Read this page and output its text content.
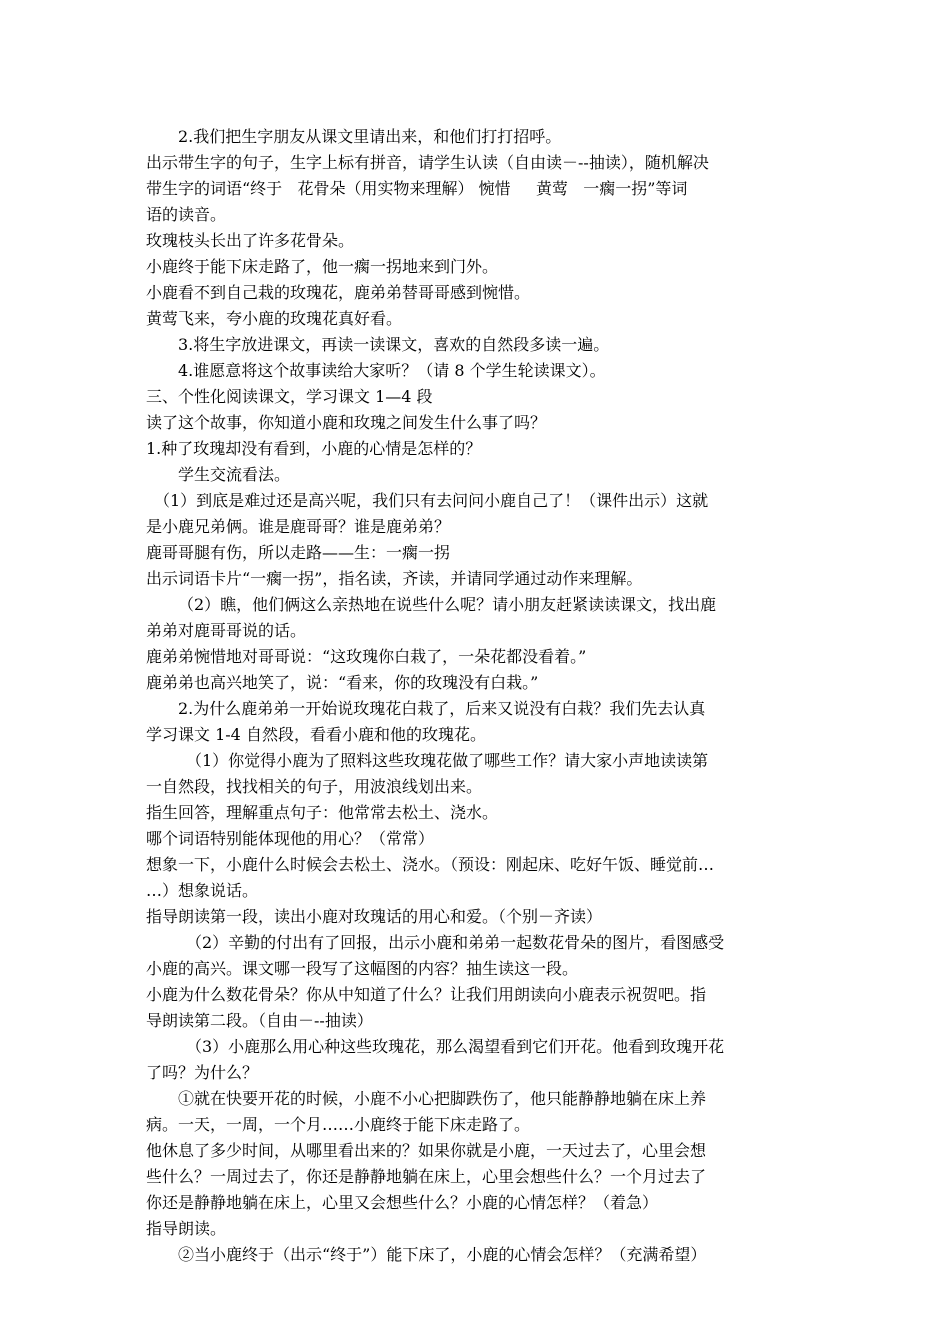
2.我们把生字朋友从课文里请出来，和他们打打招呼。
出示带生字的句子，生字上标有拼音，请学生认读（自由读－--抽读），随机解决
带生字的词语“终于   花骨朵（用实物来理解） 惋惜     黄莺   一瘸一拐”等词
语的读音。
玫瑰枝头长出了许多花骨朵。
小鹿终于能下床走路了，他一瘸一拐地来到门外。
小鹿看不到自己栽的玫瑰花，鹿弟弟替哥哥感到惋惜。
黄莺飞来，夸小鹿的玫瑰花真好看。
3.将生字放进课文，再读一读课文，喜欢的自然段多读一遍。
4.谁愿意将这个故事读给大家听？（请 8 个学生轮读课文）。
三、个性化阅读课文，学习课文 1—4 段
读了这个故事，你知道小鹿和玫瑰之间发生什么事了吗？
1.种了玫瑰却没有看到，小鹿的心情是怎样的？
学生交流看法。
（1）到底是难过还是高兴呢，我们只有去问问小鹿自己了！（课件出示）这就
是小鹿兄弟俩。谁是鹿哥哥？谁是鹿弟弟？
鹿哥哥腿有伤，所以走路——生：一瘸一拐
出示词语卡片“一瘸一拐”，指名读，齐读，并请同学通过动作来理解。
（2）瞧，他们俩这么亲热地在说些什么呢？请小朋友赶紧读读课文，找出鹿
弟弟对鹿哥哥说的话。
鹿弟弟惋惜地对哥哥说：“这玫瑰你白栽了，一朵花都没看着。”
鹿弟弟也高兴地笑了，说：“看来，你的玫瑰没有白栽。”
2.为什么鹿弟弟一开始说玫瑰花白栽了，后来又说没有白栽？我们先去认真
学习课文 1-4 自然段，看看小鹿和他的玫瑰花。
（1）你觉得小鹿为了照料这些玫瑰花做了哪些工作？请大家小声地读读第
一自然段，找找相关的句子，用波浪线划出来。
指生回答，理解重点句子：他常常去松土、浇水。
哪个词语特别能体现他的用心？（常常）
想象一下，小鹿什么时候会去松土、浇水。（预设：刚起床、吃好午饭、睡觉前…
…）想象说话。
指导朗读第一段，读出小鹿对玫瑰话的用心和爱。（个别－齐读）
（2）辛勤的付出有了回报，出示小鹿和弟弟一起数花骨朵的图片，看图感受
小鹿的高兴。课文哪一段写了这幅图的内容？抽生读这一段。
小鹿为什么数花骨朵？你从中知道了什么？让我们用朗读向小鹿表示祝贺吧。指
导朗读第二段。（自由－--抽读）
（3）小鹿那么用心种这些玫瑰花，那么渴望看到它们开花。他看到玫瑰开花
了吗？为什么？
①就在快要开花的时候，小鹿不小心把脚跌伤了，他只能静静地躺在床上养
病。一天，一周，一个月……小鹿终于能下床走路了。
他休息了多少时间，从哪里看出来的？如果你就是小鹿，一天过去了，心里会想
些什么？一周过去了，你还是静静地躺在床上，心里会想些什么？一个月过去了
你还是静静地躺在床上，心里又会想些什么？小鹿的心情怎样？（着急）
指导朗读。
②当小鹿终于（出示“终于”）能下床了，小鹿的心情会怎样？（充满希望）
